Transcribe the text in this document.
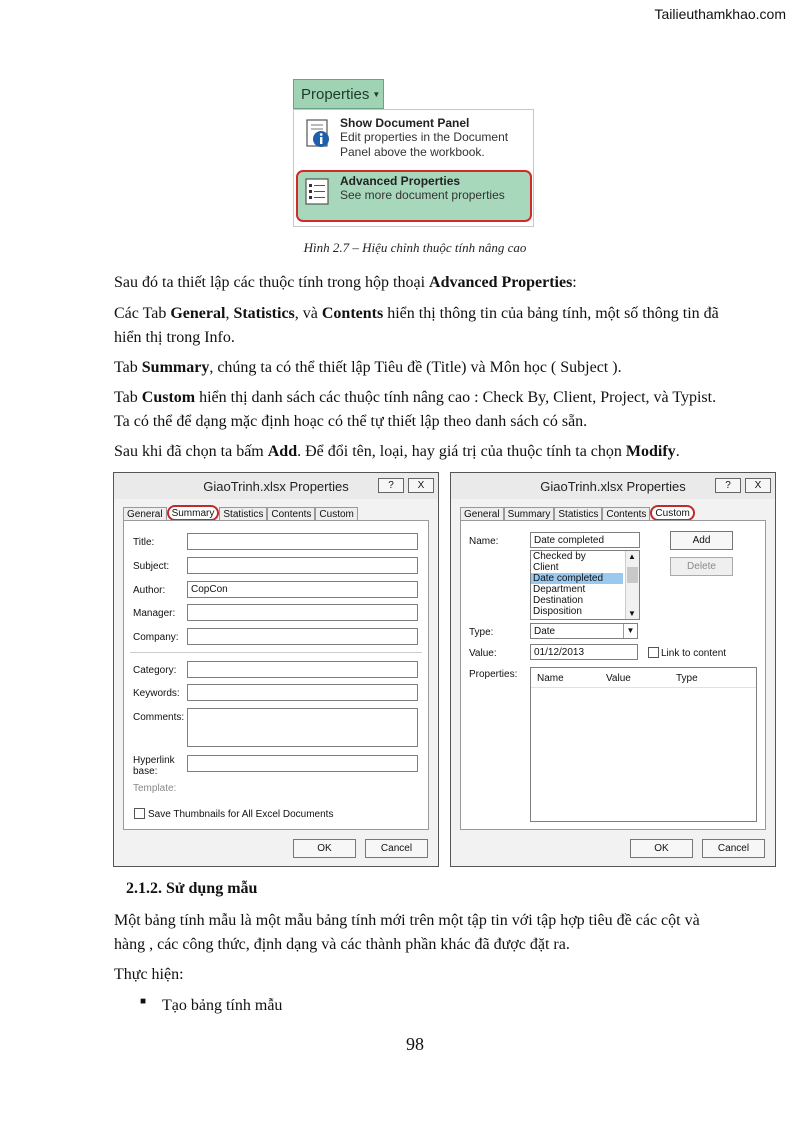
Tailieuthamkhao.com
Properties ▼
Show Document Panel
Edit properties in the Document
Panel above the workbook.
Advanced Properties
See more document properties
Hình 2.7 – Hiệu chỉnh thuộc tính nâng cao
Sau đó ta thiết lập các thuộc tính trong hộp thoại Advanced Properties:
Các Tab General, Statistics, và Contents hiển thị thông tin của bảng tính, một số thông tin đã hiển thị trong Info.
Tab Summary, chúng ta có thể thiết lập Tiêu đề (Title) và Môn học ( Subject ).
Tab Custom hiển thị danh sách các thuộc tính nâng cao : Check By, Client, Project, và Typist. Ta có thể để dạng mặc định hoạc có thể tự thiết lập theo danh sách có sẵn.
Sau khi đã chọn ta bấm Add. Để đổi tên, loại, hay giá trị của thuộc tính ta chọn Modify.
GiaoTrinh.xlsx Properties	?	X
General Summary Statistics Contents Custom
Title:
Subject:
Author:	CopCon
Manager:
Company:
Category:
Keywords:
Comments:
Hyperlink
base:
Template:
Save Thumbnails for All Excel Documents
OK	Cancel
GiaoTrinh.xlsx Properties	?	X
General Summary Statistics Contents Custom
Name:	Date completed
Checked by
Client
Date completed
Department
Destination
Disposition
▲
▼
Add
Delete
Type:	Date	▼
Value:	01/12/2013	Link to content
Properties: Name	Value	Type
OK	Cancel
2.1.2. Sử dụng mẫu
Một bảng tính mẫu là một mẫu bảng tính mới trên một tập tin với tập hợp tiêu đề các cột và hàng , các công thức, định dạng và các thành phần khác đã được đặt ra.
Thực hiện:
■ Tạo bảng tính mẫu
98
